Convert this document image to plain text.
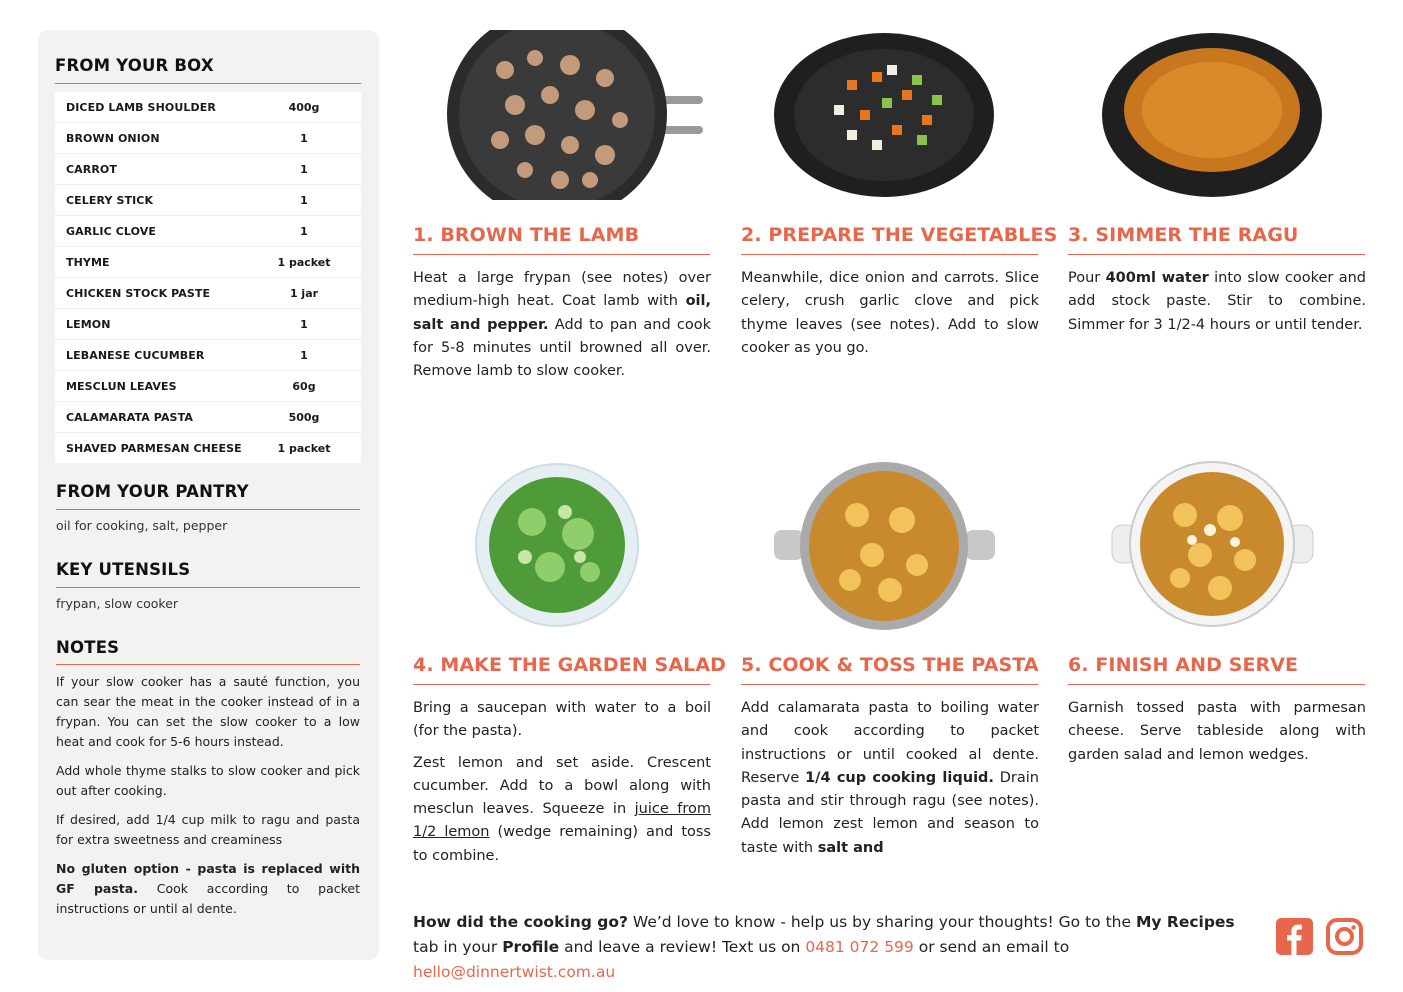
FROM YOUR BOX
DICED LAMB SHOULDER	400g
BROWN ONION	1
CARROT	1
CELERY STICK	1
GARLIC CLOVE	1
THYME	1 packet
CHICKEN STOCK PASTE	1 jar
LEMON	1
LEBANESE CUCUMBER	1
MESCLUN LEAVES	60g
CALAMARATA PASTA	500g
SHAVED PARMESAN CHEESE	1 packet
FROM YOUR PANTRY
oil for cooking, salt, pepper
KEY UTENSILS
frypan, slow cooker
NOTES

If your slow cooker has a sauté function, you can sear the meat in the cooker instead of in a frypan. You can set the slow cooker to a low heat and cook for 5-6 hours instead.

Add whole thyme stalks to slow cooker and pick out after cooking.

If desired, add 1/4 cup milk to ragu and pasta for extra sweetness and creaminess

No gluten option - pasta is replaced with GF pasta. Cook according to packet instructions or until al dente.

1. BROWN THE LAMB

Heat a large frypan (see notes) over medium-high heat. Coat lamb with oil, salt and pepper. Add to pan and cook for 5-8 minutes until browned all over. Remove lamb to slow cooker.

2. PREPARE THE VEGETABLES

Meanwhile, dice onion and carrots. Slice celery, crush garlic clove and pick thyme leaves (see notes). Add to slow cooker as you go.

3. SIMMER THE RAGU

Pour 400ml water into slow cooker and add stock paste. Stir to combine. Simmer for 3 1/2-4 hours or until tender.

4. MAKE THE GARDEN SALAD

Bring a saucepan with water to a boil (for the pasta).

Zest lemon and set aside. Crescent cucumber. Add to a bowl along with mesclun leaves. Squeeze in juice from 1/2 lemon (wedge remaining) and toss to combine.

5. COOK & TOSS THE PASTA

Add calamarata pasta to boiling water and cook according to packet instructions or until cooked al dente. Reserve 1/4 cup cooking liquid. Drain pasta and stir through ragu (see notes). Add lemon zest lemon and season to taste with salt and

6. FINISH AND SERVE

Garnish tossed pasta with parmesan cheese. Serve tableside along with garden salad and lemon wedges.

How did the cooking go? We’d love to know - help us by sharing your thoughts! Go to the My Recipes tab in your Profile and leave a review! Text us on 0481 072 599 or send an email to hello@dinnertwist.com.au
